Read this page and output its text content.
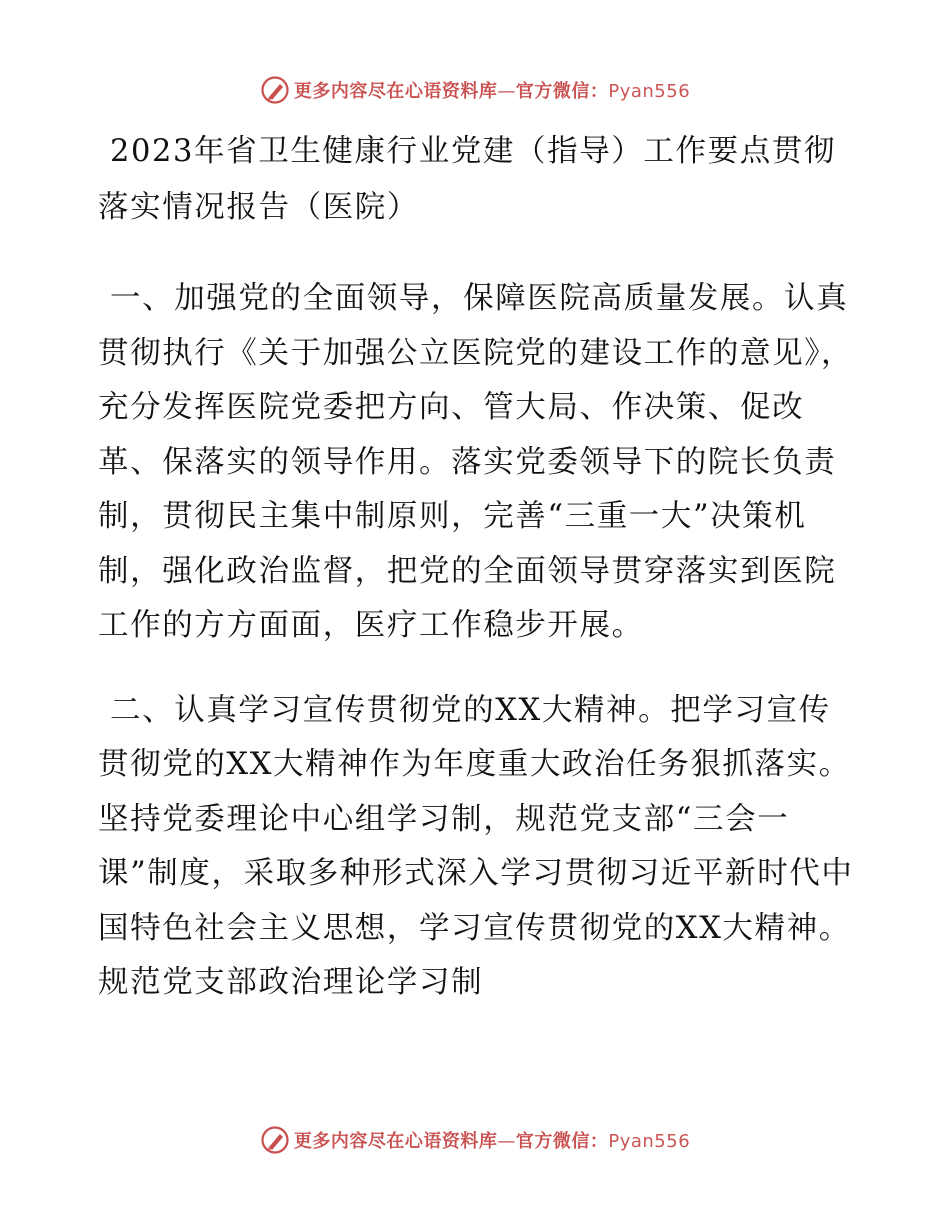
更多内容尽在心语资料库—官方微信：Pyan556
2023年省卫生健康行业党建（指导）工作要点贯彻落实情况报告（医院）

一、加强党的全面领导，保障医院高质量发展。认真贯彻执行《关于加强公立医院党的建设工作的意见》，充分发挥医院党委把方向、管大局、作决策、促改革、保落实的领导作用。落实党委领导下的院长负责制，贯彻民主集中制原则，完善“三重一大”决策机制，强化政治监督，把党的全面领导贯穿落实到医院工作的方方面面，医疗工作稳步开展。

二、认真学习宣传贯彻党的XX大精神。把学习宣传贯彻党的XX大精神作为年度重大政治任务狠抓落实。坚持党委理论中心组学习制，规范党支部“三会一课”制度，采取多种形式深入学习贯彻习近平新时代中国特色社会主义思想，学习宣传贯彻党的XX大精神。规范党支部政治理论学习制

更多内容尽在心语资料库—官方微信：Pyan556
